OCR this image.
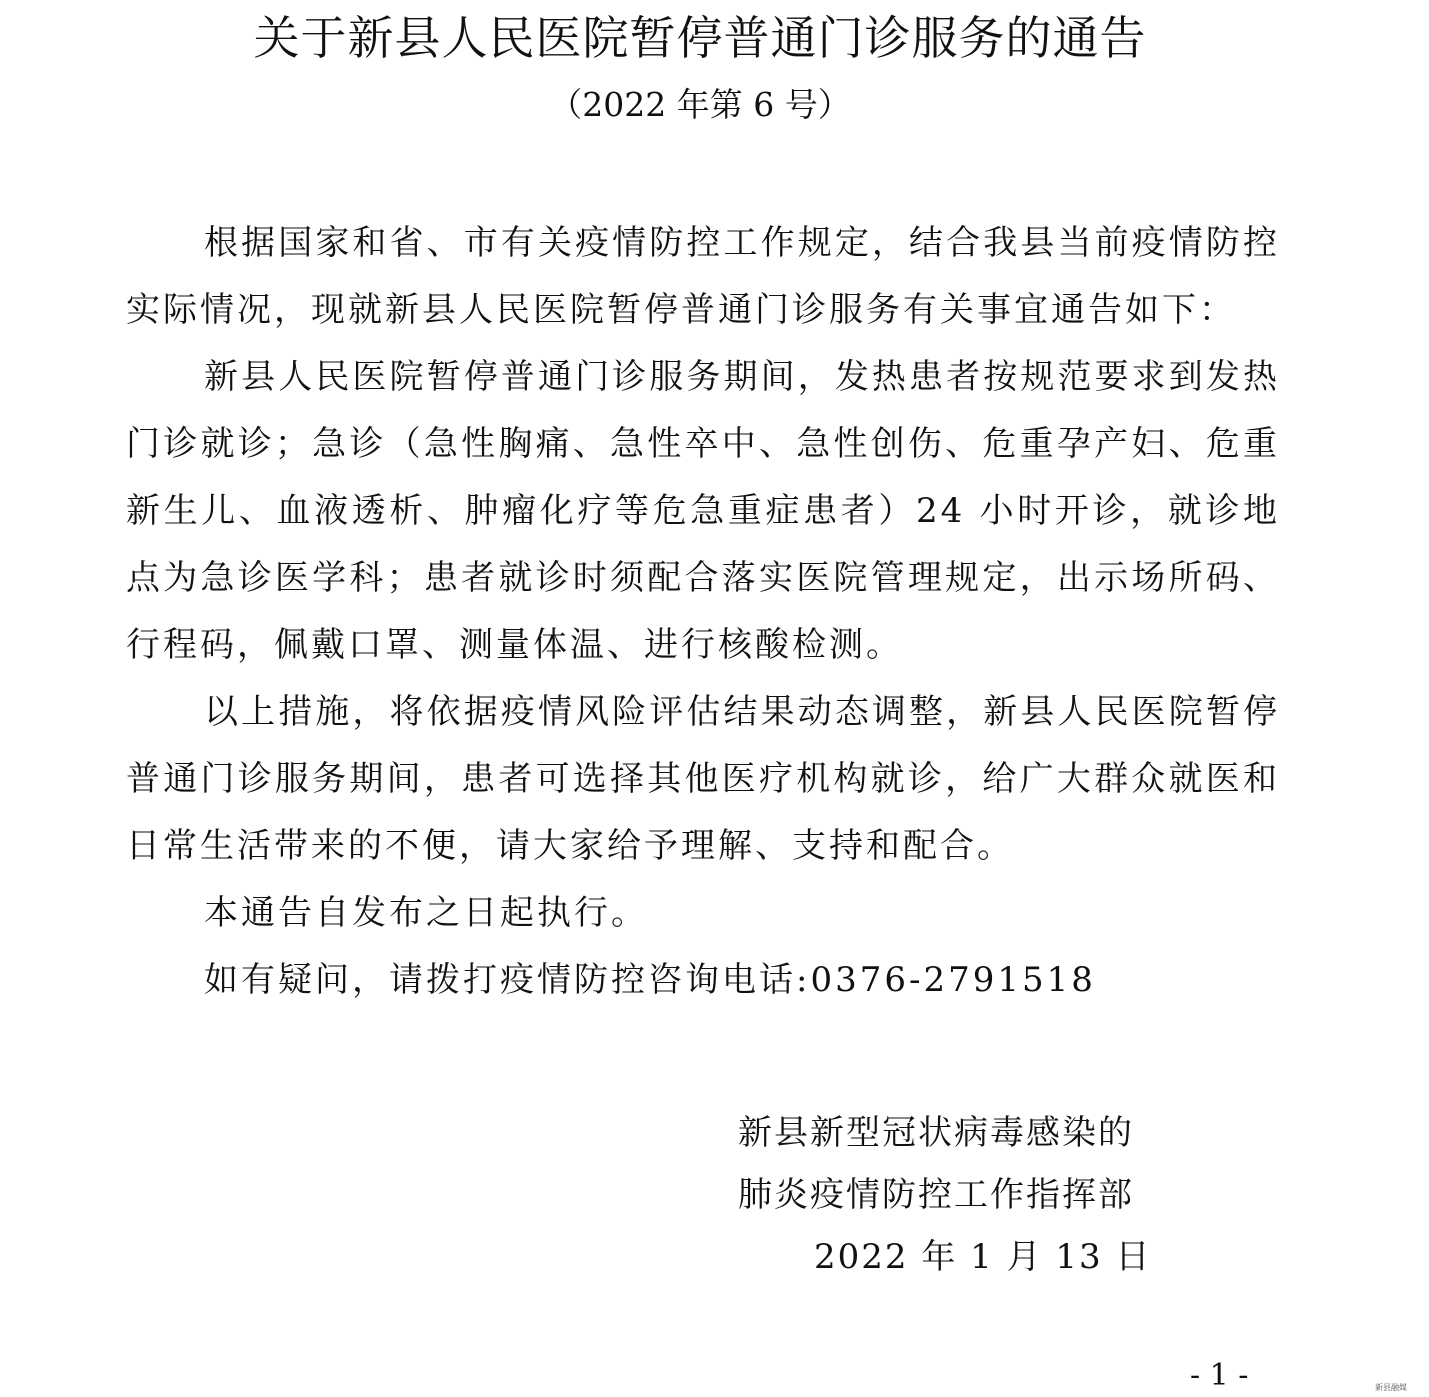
关于新县人民医院暂停普通门诊服务的通告
（2022 年第 6 号）

根据国家和省、市有关疫情防控工作规定，结合我县当前疫情防控实际情况，现就新县人民医院暂停普通门诊服务有关事宜通告如下：

新县人民医院暂停普通门诊服务期间，发热患者按规范要求到发热门诊就诊；急诊（急性胸痛、急性卒中、急性创伤、危重孕产妇、危重新生儿、血液透析、肿瘤化疗等危急重症患者）24 小时开诊，就诊地点为急诊医学科；患者就诊时须配合落实医院管理规定，出示场所码、行程码，佩戴口罩、测量体温、进行核酸检测。

以上措施，将依据疫情风险评估结果动态调整，新县人民医院暂停普通门诊服务期间，患者可选择其他医疗机构就诊，给广大群众就医和日常生活带来的不便，请大家给予理解、支持和配合。

本通告自发布之日起执行。

如有疑问，请拨打疫情防控咨询电话:0376-2791518

新县新型冠状病毒感染的
肺炎疫情防控工作指挥部
2022 年 1 月 13 日
- 1 -	新县融媒
